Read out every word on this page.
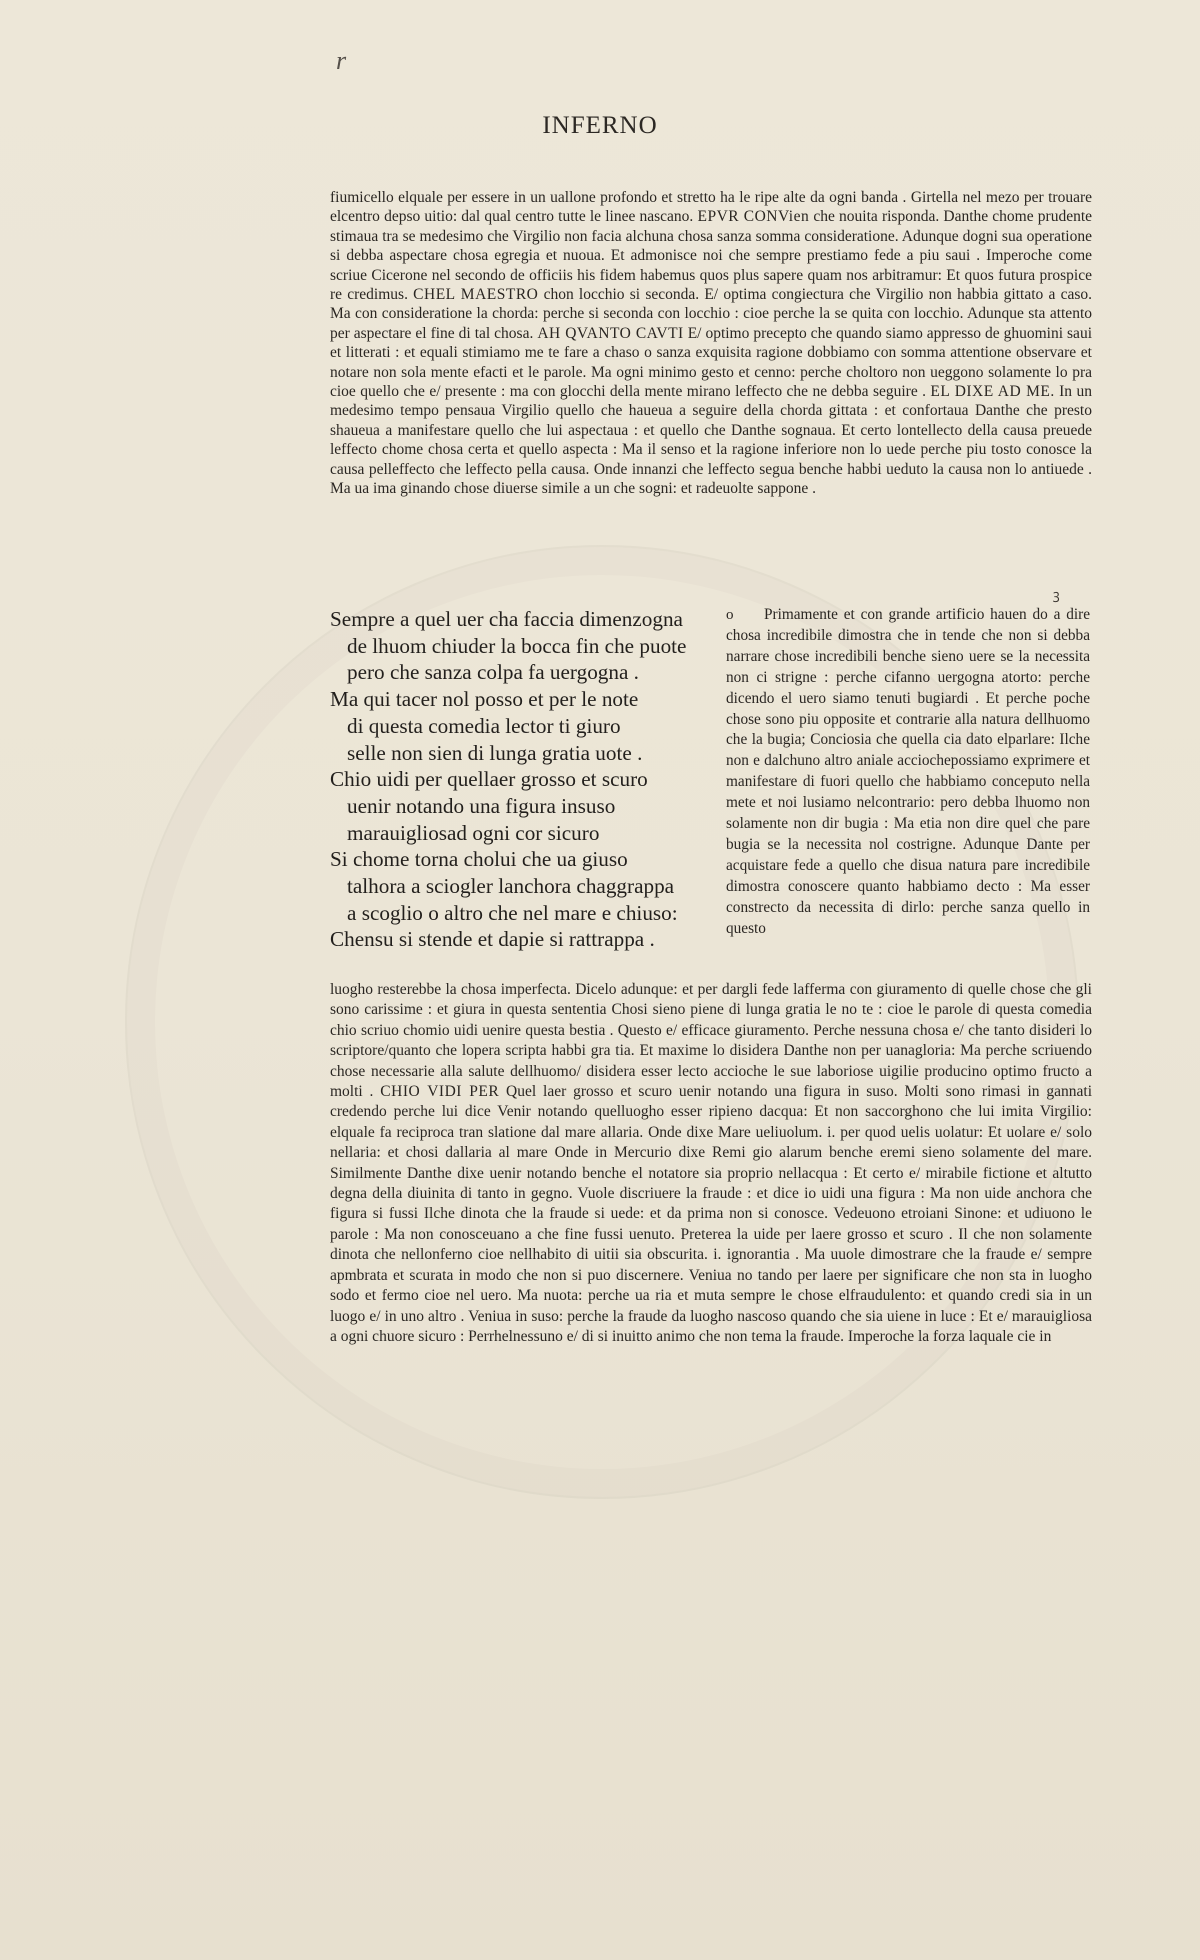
r
INFERNO

fiumicello elquale per essere in un uallone profondo et stretto ha le ripe alte da ogni banda . Girtella nel mezo per trouare elcentro depso uitio: dal qual centro tutte le linee nascano. EPVR CONVien che nouita risponda. Danthe chome prudente stimaua tra se medesimo che Virgilio non facia alchuna chosa sanza somma consideratione. Adunque dogni sua operatione si debba aspectare chosa egregia et nuoua. Et admonisce noi che sempre prestiamo fede a piu saui . Imperoche come scriue Cicerone nel secondo de officiis his fidem habemus quos plus sapere quam nos arbitramur: Et quos futura prospice re credimus. CHEL MAESTRO chon locchio si seconda. E/ optima congiectura che Virgilio non habbia gittato a caso. Ma con consideratione la chorda: perche si seconda con locchio : cioe perche la se quita con locchio. Adunque sta attento per aspectare el fine di tal chosa. AH QVANTO CAVTI E/ optimo precepto che quando siamo appresso de ghuomini saui et litterati : et equali stimiamo me te fare a chaso o sanza exquisita ragione dobbiamo con somma attentione observare et notare non sola mente efacti et le parole. Ma ogni minimo gesto et cenno: perche choltoro non ueggono solamente lo pra cioe quello che e/ presente : ma con glocchi della mente mirano leffecto che ne debba seguire . EL DIXE AD ME. In un medesimo tempo pensaua Virgilio quello che haueua a seguire della chorda gittata : et confortaua Danthe che presto shaueua a manifestare quello che lui aspectaua : et quello che Danthe sognaua. Et certo lontellecto della causa preuede leffecto chome chosa certa et quello aspecta : Ma il senso et la ragione inferiore non lo uede perche piu tosto conosce la causa pelleffecto che leffecto pella causa. Onde innanzi che leffecto segua benche habbi ueduto la causa non lo antiuede . Ma ua ima ginando chose diuerse simile a un che sogni: et radeuolte sappone .

ꝫ
Sempre a quel uer cha faccia dimenzogna
de lhuom chiuder la bocca fin che puote
pero che sanza colpa fa uergogna .
Ma qui tacer nol posso et per le note
di questa comedia lector ti giuro
selle non sien di lunga gratia uote .
Chio uidi per quellaer grosso et scuro
uenir notando una figura insuso
marauigliosad ogni cor sicuro
Si chome torna cholui che ua giuso
talhora a sciogler lanchora chaggrappa
a scoglio o altro che nel mare e chiuso:
Chensu si stende et dapie si rattrappa .

o	Primamente et con grande artificio hauen do a dire chosa incredibile dimostra che in tende che non si debba narrare chose incredibili benche sieno uere se la necessita non ci strigne : perche cifanno uergogna atorto: perche dicendo el uero siamo tenuti bugiardi . Et perche poche chose sono piu opposite et contrarie alla natura dellhuomo che la bugia; Conciosia che quella cia dato elparlare: Ilche non e dalchuno altro aniale acciochepossiamo exprimere et manifestare di fuori quello che habbiamo conceputo nella mete et noi lusiamo nelcontrario: pero debba lhuomo non solamente non dir bugia : Ma etia non dire quel che pare bugia se la necessita nol costrigne. Adunque Dante per acquistare fede a quello che disua natura pare incredibile dimostra conoscere quanto habbiamo decto : Ma esser constrecto da necessita di dirlo: perche sanza quello in questo

luogho resterebbe la chosa imperfecta. Dicelo adunque: et per dargli fede lafferma con giuramento di quelle chose che gli sono carissime : et giura in questa sententia Chosi sieno piene di lunga gratia le no te : cioe le parole di questa comedia chio scriuo chomio uidi uenire questa bestia . Questo e/ efficace giuramento. Perche nessuna chosa e/ che tanto disideri lo scriptore/quanto che lopera scripta habbi gra tia. Et maxime lo disidera Danthe non per uanagloria: Ma perche scriuendo chose necessarie alla salute dellhuomo/ disidera esser lecto accioche le sue laboriose uigilie producino optimo fructo a molti . CHIO VIDI PER Quel laer grosso et scuro uenir notando una figura in suso. Molti sono rimasi in gannati credendo perche lui dice Venir notando quelluogho esser ripieno dacqua: Et non saccorghono che lui imita Virgilio: elquale fa reciproca tran slatione dal mare allaria. Onde dixe Mare ueliuolum. i. per quod uelis uolatur: Et uolare e/ solo nellaria: et chosi dallaria al mare Onde in Mercurio dixe Remi gio alarum benche eremi sieno solamente del mare. Similmente Danthe dixe uenir notando benche el notatore sia proprio nellacqua : Et certo e/ mirabile fictione et altutto degna della diuinita di tanto in gegno. Vuole discriuere la fraude : et dice io uidi una figura : Ma non uide anchora che figura si fussi Ilche dinota che la fraude si uede: et da prima non si conosce. Vedeuono etroiani Sinone: et udiuono le parole : Ma non conosceuano a che fine fussi uenuto. Preterea la uide per laere grosso et scuro . Il che non solamente dinota che nellonferno cioe nellhabito di uitii sia obscurita. i. ignorantia . Ma uuole dimostrare che la fraude e/ sempre apmbrata et scurata in modo che non si puo discernere. Veniua no tando per laere per significare che non sta in luogho sodo et fermo cioe nel uero. Ma nuota: perche ua ria et muta sempre le chose elfraudulento: et quando credi sia in un luogo e/ in uno altro . Veniua in suso: perche la fraude da luogho nascoso quando che sia uiene in luce : Et e/ marauigliosa a ogni chuore sicuro : Perrhelnessuno e/ di si inuitto animo che non tema la fraude. Imperoche la forza laquale cie in
